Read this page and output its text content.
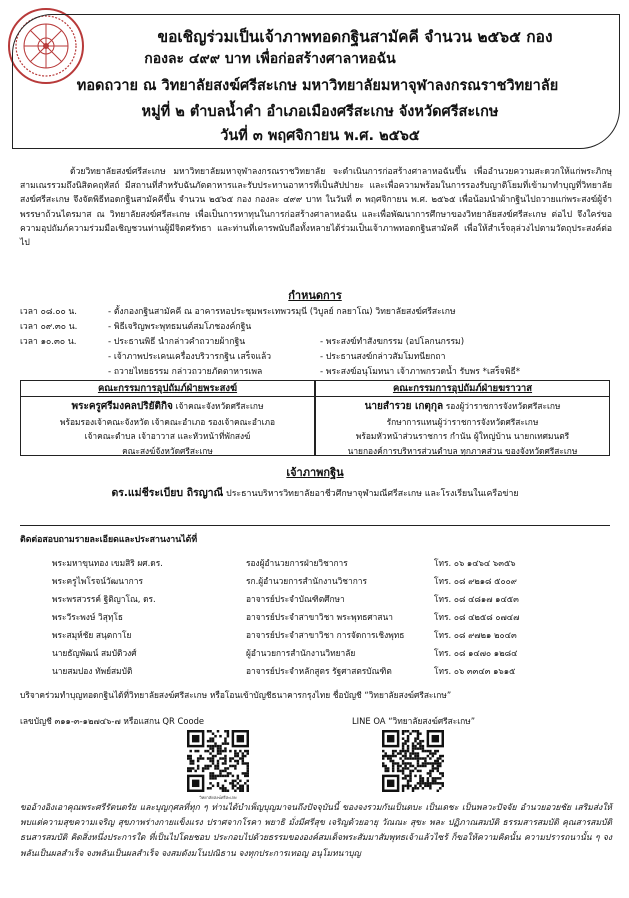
ขอเชิญร่วมเป็นเจ้าภาพทอดกฐินสามัคคี จำนวน ๒๕๖๕ กอง
กองละ ๔๙๙ บาท เพื่อก่อสร้างศาลาหอฉัน
ทอดถวาย ณ วิทยาลัยสงฆ์ศรีสะเกษ มหาวิทยาลัยมหาจุฬาลงกรณราชวิทยาลัย
หมู่ที่ ๒ ตำบลน้ำคำ อำเภอเมืองศรีสะเกษ จังหวัดศรีสะเกษ
วันที่ ๓ พฤศจิกายน พ.ศ. ๒๕๖๕

ด้วยวิทยาลัยสงฆ์ศรีสะเกษ มหาวิทยาลัยมหาจุฬาลงกรณราชวิทยาลัย จะดำเนินการก่อสร้างศาลาหอฉันขึ้น เพื่ออำนวยความสะดวกให้แก่พระภิกษุสามเณรรวมถึงนิสิตคฤหัสถ์ มีสถานที่สำหรับฉันภัตตาหารและรับประทานอาหารที่เป็นสัปปายะ และเพื่อความพร้อมในการรองรับญาติโยมที่เข้ามาทำบุญที่วิทยาลัยสงฆ์ศรีสะเกษ จึงจัดพิธีทอดกฐินสามัคคีขึ้น จำนวน ๒๕๖๕ กอง กองละ ๔๙๙ บาท ในวันที่ ๓ พฤศจิกายน พ.ศ. ๒๕๖๕ เพื่อน้อมนำผ้ากฐินไปถวายแก่พระสงฆ์ผู้จำพรรษาถ้วนไตรมาส ณ วิทยาลัยสงฆ์ศรีสะเกษ เพื่อเป็นการหาทุนในการก่อสร้างศาลาหอฉัน และเพื่อพัฒนาการศึกษาของวิทยาลัยสงฆ์ศรีสะเกษ ต่อไป จึงใคร่ขอความอุปถัมภ์ความร่วมมือเชิญชวนท่านผู้มีจิตศรัทธา และท่านที่เคารพนับถือทั้งหลายได้ร่วมเป็นเจ้าภาพทอดกฐินสามัคคี เพื่อให้สำเร็จลุล่วงไปตามวัตถุประสงค์ต่อไป

กำหนดการ
เวลา ๐๘.๐๐ น.	- ตั้งกองกฐินสามัคคี ณ อาคารหอประชุมพระเทพวรมุนี (วิบูลย์ กลยาโณ) วิทยาลัยสงฆ์ศรีสะเกษ
เวลา ๐๙.๓๐ น.	- พิธีเจริญพระพุทธมนต์สมโภชองค์กฐิน
เวลา ๑๐.๓๐ น.	- ประธานพิธี นำกล่าวคำถวายผ้ากฐิน	- พระสงฆ์ทำสังฆกรรม (อปโลกนกรรม)
- เจ้าภาพประเคนเครื่องบริวารกฐิน เสร็จแล้ว	- ประธานสงฆ์กล่าวสัมโมทนียกถา
- ถวายไทยธรรม กล่าวถวายภัตตาหารเพล	- พระสงฆ์อนุโมทนา เจ้าภาพกรวดน้ำ รับพร *เสร็จพิธี*
คณะกรรมการอุปถัมภ์ฝ่ายพระสงฆ์
พระครูศรีมงคลปริยัติกิจ เจ้าคณะจังหวัดศรีสะเกษ
พร้อมรองเจ้าคณะจังหวัด เจ้าคณะอำเภอ รองเจ้าคณะอำเภอ
เจ้าคณะตำบล เจ้าอาวาส และหัวหน้าที่พักสงฆ์
คณะสงฆ์จังหวัดศรีสะเกษ
คณะกรรมการอุปถัมภ์ฝ่ายฆราวาส
นายสำรวย เกตุกุล รองผู้ว่าราชการจังหวัดศรีสะเกษ
รักษาการแทนผู้ว่าราชการจังหวัดศรีสะเกษ
พร้อมหัวหน้าส่วนราชการ กำนัน ผู้ใหญ่บ้าน นายกเทศมนตรี
นายกองค์การบริหารส่วนตำบล ทุกภาคส่วน ของจังหวัดศรีสะเกษ
เจ้าภาพกฐิน
ดร.แม่ชีระเบียบ ถิรญาณี ประธานบริหารวิทยาลัยอาชีวศึกษาจุฬามณีศรีสะเกษ และโรงเรียนในเครือข่าย
ติดต่อสอบถามรายละเอียดและประสานงานได้ที่
พระมหาขุนทอง เขมสิริ ผศ.ดร.	รองผู้อำนวยการฝ่ายวิชาการ	โทร. ๐๖ ๑๔๖๔ ๖๓๕๖
พระครูไพโรจน์วัฒนาการ	รก.ผู้อำนวยการสำนักงานวิชาการ	โทร. ๐๘ ๙๒๑๘ ๕๐๐๙
พระพรสวรรค์ ฐิติญาโณ, ดร.	อาจารย์ประจำบัณฑิตศึกษา	โทร. ๐๘ ๔๘๑๗ ๑๔๕๓
พระวีระพงษ์ วิสุทฺโธ	อาจารย์ประจำสาขาวิชา พระพุทธศาสนา	โทร. ๐๘ ๔๒๕๘ ๐๗๔๗
พระสมุห์ชัย สนฺตกาโย	อาจารย์ประจำสาขาวิชา การจัดการเชิงพุทธ	โทร. ๐๘ ๙๗๒๑ ๒๐๔๓
นายธัญพัฒน์ สมบัติวงศ์	ผู้อำนวยการสำนักงานวิทยาลัย	โทร. ๐๘ ๑๔๗๐ ๑๒๘๔
นายสมปอง ทัพย์สมบัติ	อาจารย์ประจำหลักสูตร รัฐศาสตรบัณฑิต	โทร. ๐๖ ๓๓๔๓ ๑๖๑๕
บริจาคร่วมทำบุญทอดกฐินได้ที่วิทยาลัยสงฆ์ศรีสะเกษ หรือโอนเข้าบัญชีธนาคารกรุงไทย ชื่อบัญชี “วิทยาลัยสงฆ์ศรีสะเกษ”
เลขบัญชี ๓๑๑-๓-๑๒๗๔๖-๗ หรือแสกน QR Coode	LINE OA “วิทยาลัยสงฆ์ศรีสะเกษ”
วิทยาลัยสงฆ์ศรีสะเกษ

ขออ้างอิงเอาคุณพระศรีรัตนตรัย และบุญกุศลที่ทุก ๆ ท่านได้บำเพ็ญบุญมาจนถึงปัจจุบันนี้ ของจงรวมกันเป็นตบะ เป็นเดชะ เป็นพลวะปัจจัย อำนวยอวยชัย เสริมส่งให้พบแต่ความสุขความเจริญ สุขภาพร่างกายแข็งแรง ปราศจากโรคา พยาธิ มั่งมีศรีสุข เจริญด้วยอายุ วัณณะ สุขะ พละ ปฏิภาณสมบัติ ธรรมสารสมบัติ คุณสารสมบัติ ธนสารสมบัติ คิดสิ่งหนึ่งประการใด ที่เป็นไปโดยชอบ ประกอบไปด้วยธรรมขององค์สมเด็จพระสัมมาสัมพุทธเจ้าแล้วไซร้ ก็ขอให้ความคิดนั้น ความปรารถนานั้น ๆ จงพลันเป็นผลสำเร็จ จงพลันเป็นผลสำเร็จ จงสมดังมโนปณิธาน จงทุกประการเทอญ อนุโมทนาบุญ
